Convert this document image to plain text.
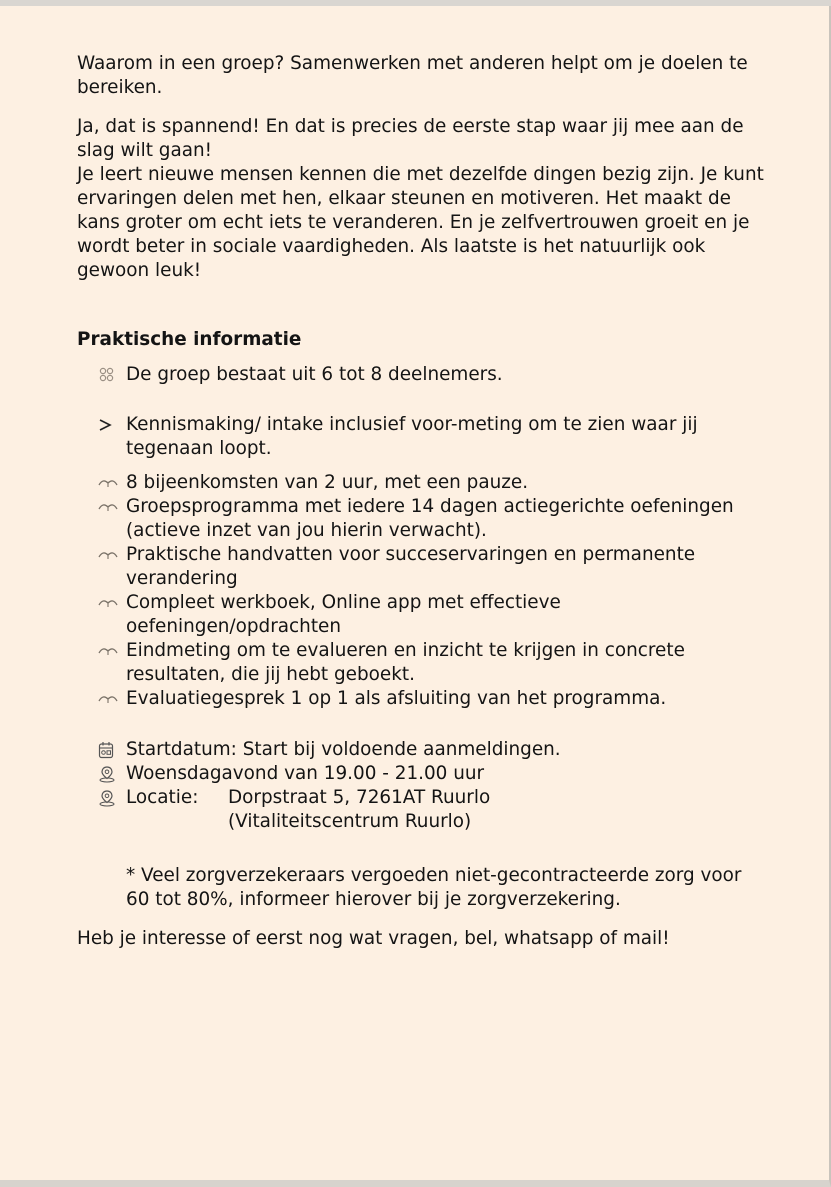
Waarom in een groep? Samenwerken met anderen helpt om je doelen te bereiken.

Ja, dat is spannend! En dat is precies de eerste stap waar jij mee aan de slag wilt gaan!

Je leert nieuwe mensen kennen die met dezelfde dingen bezig zijn. Je kunt ervaringen delen met hen, elkaar steunen en motiveren. Het maakt de kans groter om echt iets te veranderen. En je zelfvertrouwen groeit en je wordt beter in sociale vaardigheden. Als laatste is het natuurlijk ook gewoon leuk!

Praktische informatie

De groep bestaat uit 6 tot 8 deelnemers.
Kennismaking/ intake inclusief voor-meting om te zien waar jij tegenaan loopt.
8 bijeenkomsten van 2 uur, met een pauze.
Groepsprogramma met iedere 14 dagen actiegerichte oefeningen (actieve inzet van jou hierin verwacht).
Praktische handvatten voor succeservaringen en permanente verandering
Compleet werkboek, Online app met effectieve oefeningen/opdrachten
Eindmeting om te evalueren en inzicht te krijgen in concrete resultaten, die jij hebt geboekt.
Evaluatiegesprek 1 op 1 als afsluiting van het programma.
Startdatum: Start bij voldoende aanmeldingen.
Woensdagavond van 19.00 - 21.00 uur
Locatie:	Dorpstraat 5, 7261AT Ruurlo
(Vitaliteitscentrum Ruurlo)

* Veel zorgverzekeraars vergoeden niet-gecontracteerde zorg voor 60 tot 80%, informeer hierover bij je zorgverzekering.

Heb je interesse of eerst nog wat vragen, bel, whatsapp of mail!
